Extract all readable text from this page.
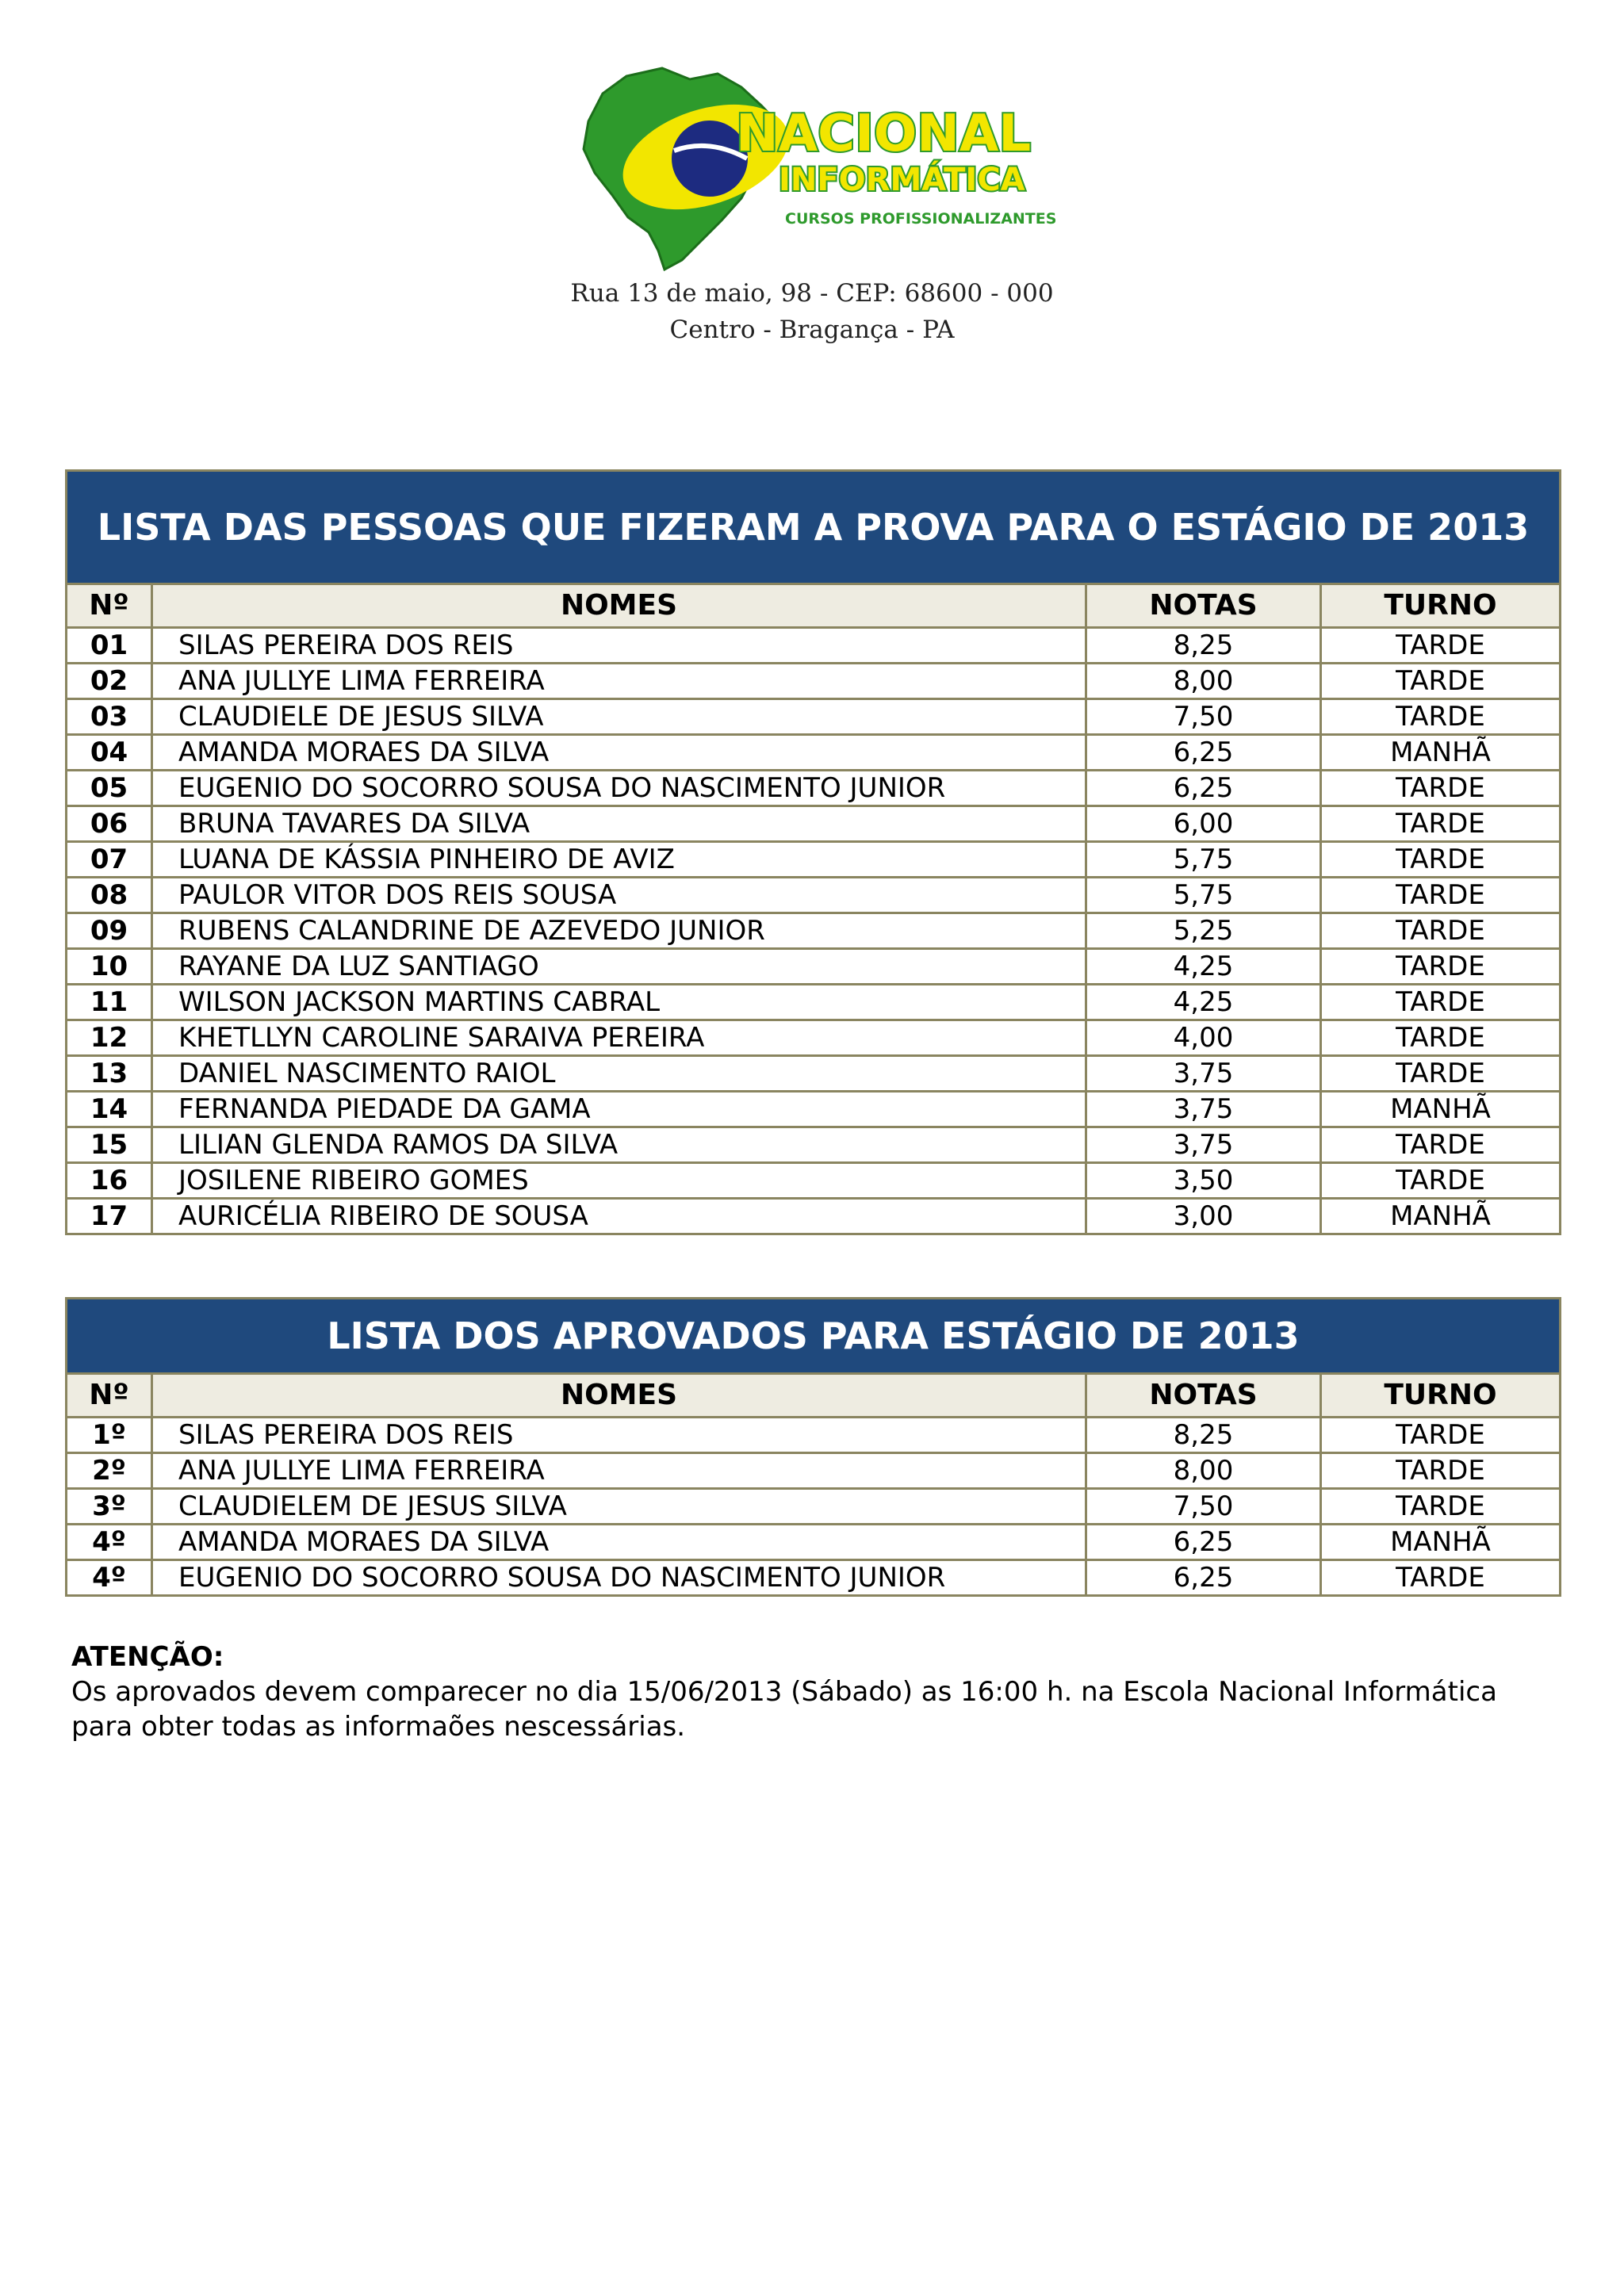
NACIONAL
INFORMÁTICA
CURSOS PROFISSIONALIZANTES
Rua 13 de maio, 98 - CEP: 68600 - 000
Centro - Bragança - PA
LISTA DAS PESSOAS QUE FIZERAM A PROVA PARA O ESTÁGIO DE 2013			
Nº	NOMES	NOTAS	TURNO
01	SILAS PEREIRA DOS REIS	8,25	TARDE
02	ANA JULLYE LIMA FERREIRA	8,00	TARDE
03	CLAUDIELE DE JESUS SILVA	7,50	TARDE
04	AMANDA MORAES DA SILVA	6,25	MANHÃ
05	EUGENIO DO SOCORRO SOUSA DO NASCIMENTO JUNIOR	6,25	TARDE
06	BRUNA TAVARES DA SILVA	6,00	TARDE
07	LUANA DE KÁSSIA PINHEIRO DE AVIZ	5,75	TARDE
08	PAULOR VITOR DOS REIS SOUSA	5,75	TARDE
09	RUBENS CALANDRINE DE AZEVEDO JUNIOR	5,25	TARDE
10	RAYANE DA LUZ SANTIAGO	4,25	TARDE
11	WILSON JACKSON MARTINS CABRAL	4,25	TARDE
12	KHETLLYN CAROLINE SARAIVA PEREIRA	4,00	TARDE
13	DANIEL NASCIMENTO RAIOL	3,75	TARDE
14	FERNANDA PIEDADE DA GAMA	3,75	MANHÃ
15	LILIAN GLENDA RAMOS DA SILVA	3,75	TARDE
16	JOSILENE RIBEIRO GOMES	3,50	TARDE
17	AURICÉLIA RIBEIRO DE SOUSA	3,00	MANHÃ
LISTA DOS APROVADOS PARA ESTÁGIO DE 2013			
Nº	NOMES	NOTAS	TURNO
1º	SILAS PEREIRA DOS REIS	8,25	TARDE
2º	ANA JULLYE LIMA FERREIRA	8,00	TARDE
3º	CLAUDIELEM DE JESUS SILVA	7,50	TARDE
4º	AMANDA MORAES DA SILVA	6,25	MANHÃ
4º	EUGENIO DO SOCORRO SOUSA DO NASCIMENTO JUNIOR	6,25	TARDE
ATENÇÃO:
Os aprovados devem comparecer no dia 15/06/2013 (Sábado) as 16:00 h. na Escola Nacional Informática para obter todas as informaões nescessárias.
